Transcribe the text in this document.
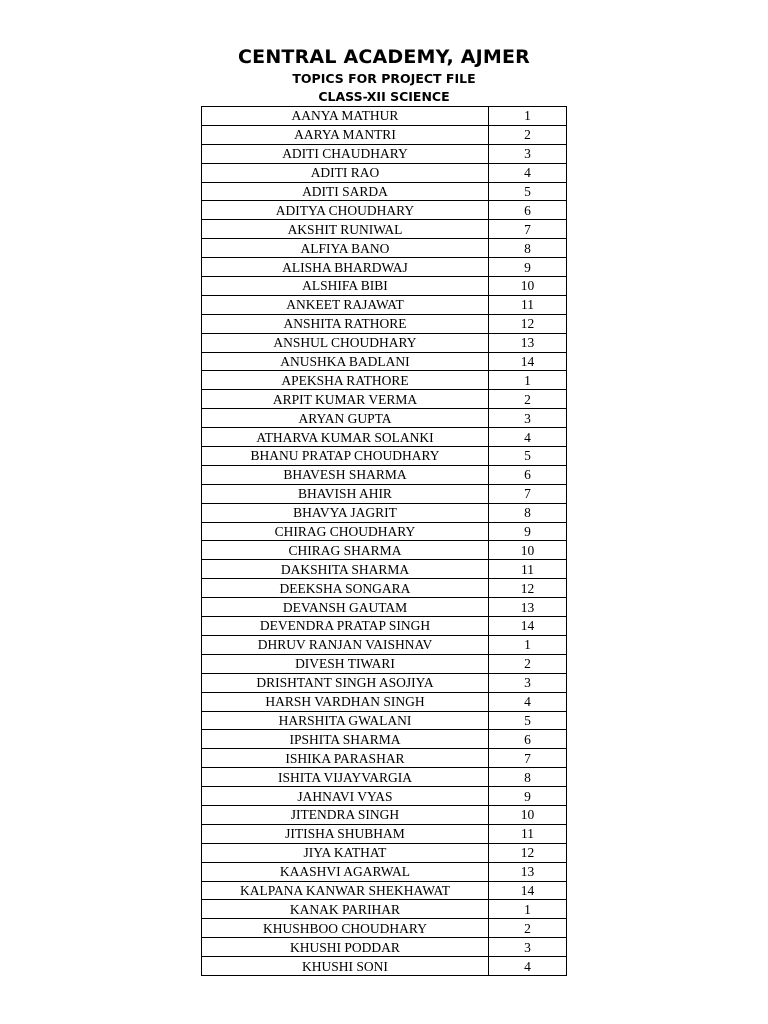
CENTRAL ACADEMY, AJMER
TOPICS FOR PROJECT FILE
CLASS-XII SCIENCE
AANYA MATHUR	1
AARYA MANTRI	2
ADITI CHAUDHARY	3
ADITI RAO	4
ADITI SARDA	5
ADITYA CHOUDHARY	6
AKSHIT RUNIWAL	7
ALFIYA BANO	8
ALISHA BHARDWAJ	9
ALSHIFA BIBI	10
ANKEET RAJAWAT	11
ANSHITA RATHORE	12
ANSHUL CHOUDHARY	13
ANUSHKA BADLANI	14
APEKSHA RATHORE	1
ARPIT KUMAR VERMA	2
ARYAN GUPTA	3
ATHARVA KUMAR SOLANKI	4
BHANU PRATAP CHOUDHARY	5
BHAVESH SHARMA	6
BHAVISH AHIR	7
BHAVYA JAGRIT	8
CHIRAG CHOUDHARY	9
CHIRAG SHARMA	10
DAKSHITA SHARMA	11
DEEKSHA SONGARA	12
DEVANSH GAUTAM	13
DEVENDRA PRATAP SINGH	14
DHRUV RANJAN VAISHNAV	1
DIVESH TIWARI	2
DRISHTANT SINGH ASOJIYA	3
HARSH VARDHAN SINGH	4
HARSHITA GWALANI	5
IPSHITA SHARMA	6
ISHIKA PARASHAR	7
ISHITA VIJAYVARGIA	8
JAHNAVI VYAS	9
JITENDRA SINGH	10
JITISHA SHUBHAM	11
JIYA KATHAT	12
KAASHVI AGARWAL	13
KALPANA KANWAR SHEKHAWAT	14
KANAK PARIHAR	1
KHUSHBOO CHOUDHARY	2
KHUSHI PODDAR	3
KHUSHI SONI	4
